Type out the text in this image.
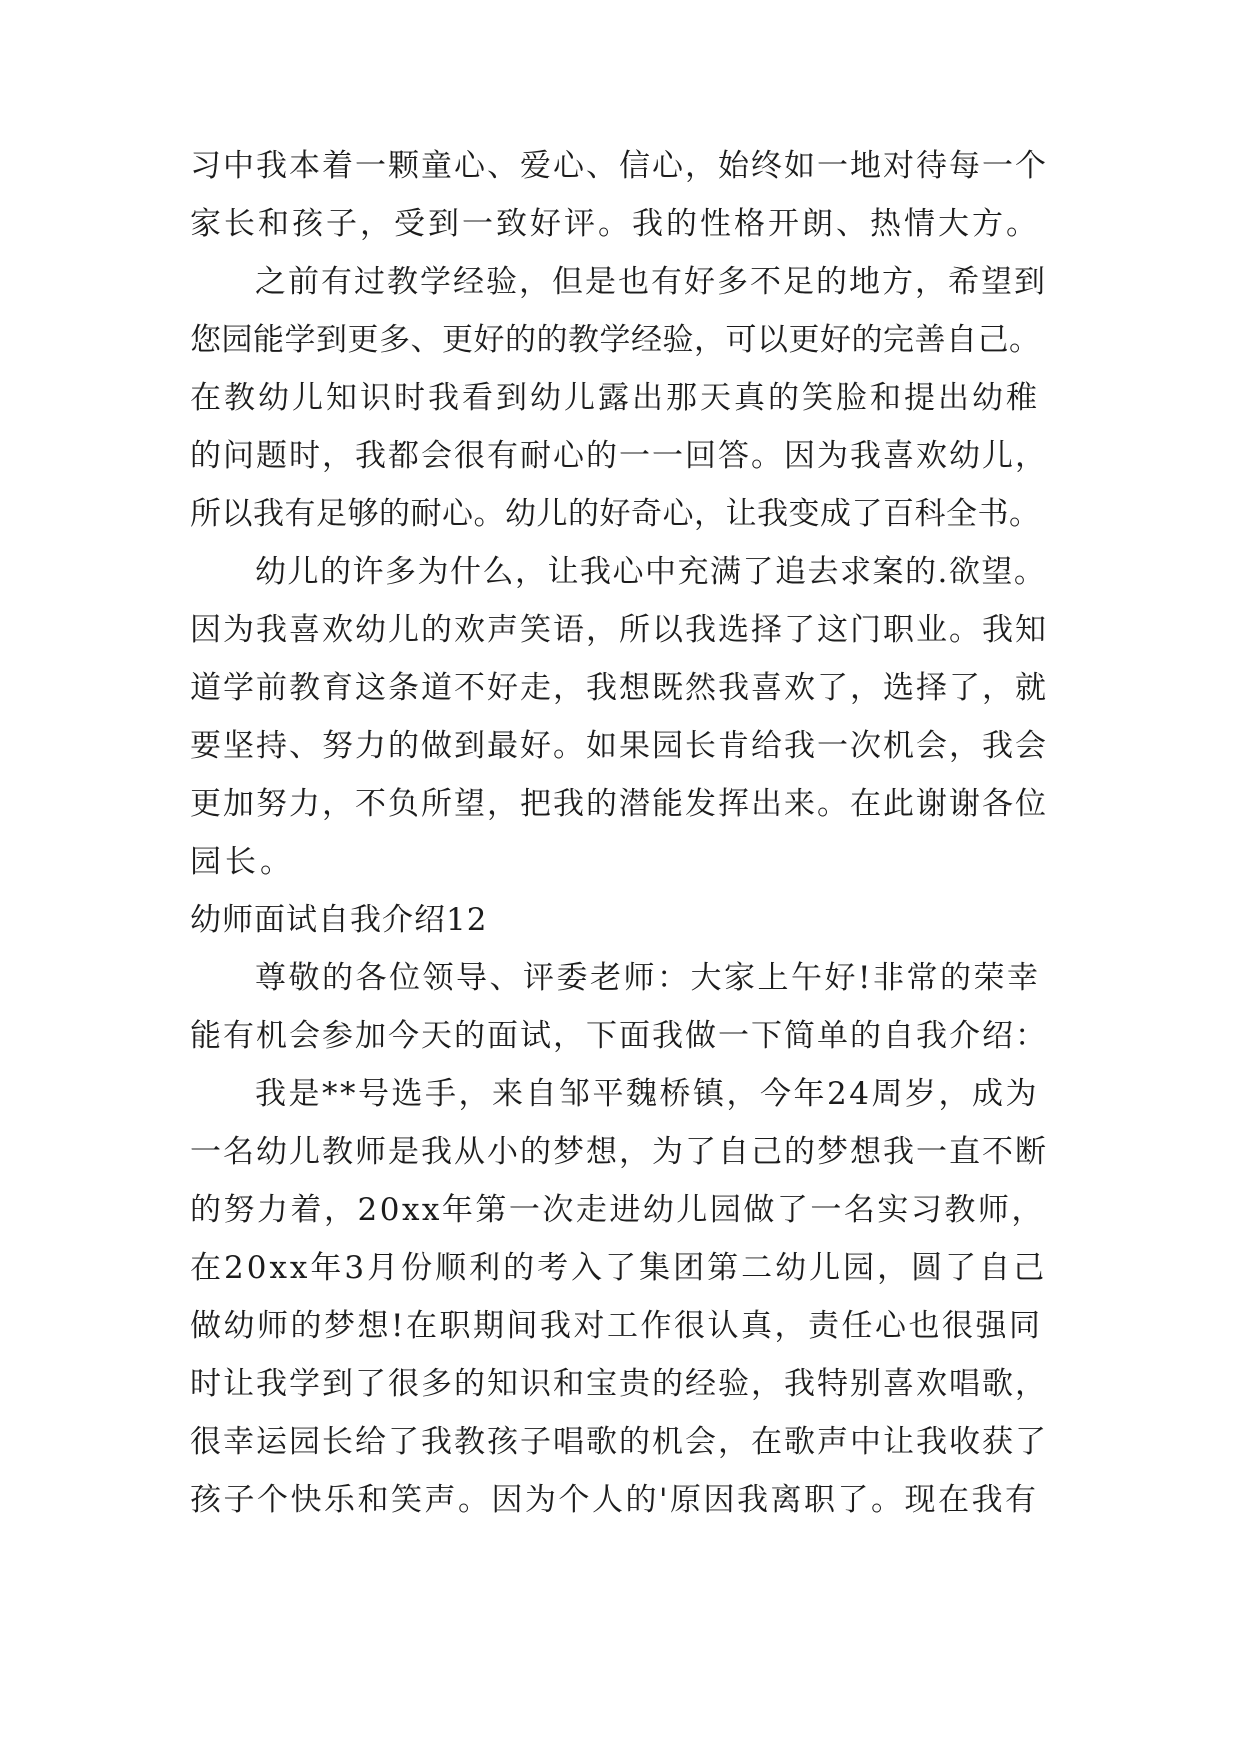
习中我本着一颗童心、爱心、信心，始终如一地对待每一个
家长和孩子，受到一致好评。我的性格开朗、热情大方。
之前有过教学经验，但是也有好多不足的地方，希望到
您园能学到更多、更好的的教学经验，可以更好的完善自己。
在教幼儿知识时我看到幼儿露出那天真的笑脸和提出幼稚
的问题时，我都会很有耐心的一一回答。因为我喜欢幼儿，
所以我有足够的耐心。幼儿的好奇心，让我变成了百科全书。
幼儿的许多为什么，让我心中充满了追去求案的.欲望。
因为我喜欢幼儿的欢声笑语，所以我选择了这门职业。我知
道学前教育这条道不好走，我想既然我喜欢了，选择了，就
要坚持、努力的做到最好。如果园长肯给我一次机会，我会
更加努力，不负所望，把我的潜能发挥出来。在此谢谢各位
园长。
幼师面试自我介绍12
尊敬的各位领导、评委老师：大家上午好!非常的荣幸
能有机会参加今天的面试，下面我做一下简单的自我介绍：
我是**号选手，来自邹平魏桥镇，今年24周岁，成为
一名幼儿教师是我从小的梦想，为了自己的梦想我一直不断
的努力着，20xx年第一次走进幼儿园做了一名实习教师，
在20xx年3月份顺利的考入了集团第二幼儿园，圆了自己
做幼师的梦想!在职期间我对工作很认真，责任心也很强同
时让我学到了很多的知识和宝贵的经验，我特别喜欢唱歌，
很幸运园长给了我教孩子唱歌的机会，在歌声中让我收获了
孩子个快乐和笑声。因为个人的'原因我离职了。现在我有
